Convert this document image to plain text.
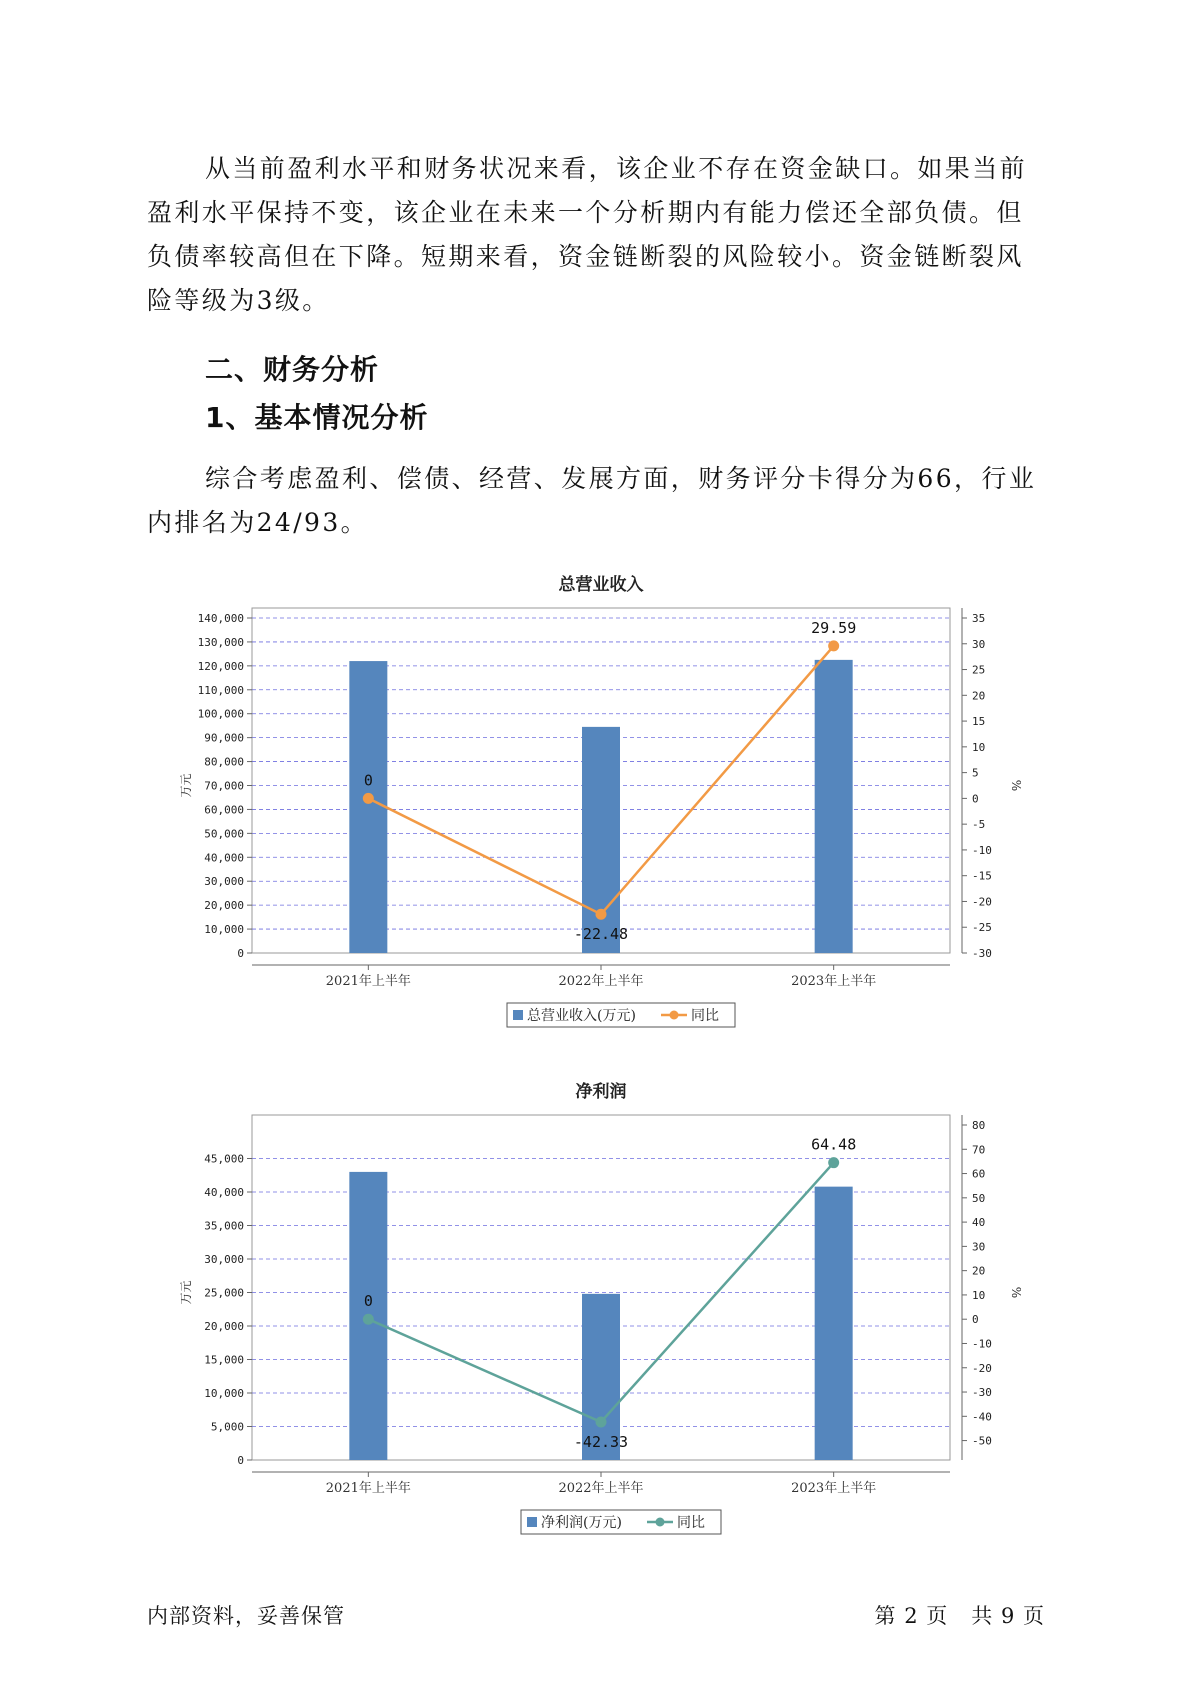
从当前盈利水平和财务状况来看，该企业不存在资金缺口。如果当前
盈利水平保持不变，该企业在未来一个分析期内有能力偿还全部负债。但
负债率较高但在下降。短期来看，资金链断裂的风险较小。资金链断裂风
险等级为3级。

二、财务分析
1、基本情况分析

综合考虑盈利、偿债、经营、发展方面，财务评分卡得分为66，行业
内排名为24/93。

总营业收入
0
10,000
20,000
30,000
40,000
50,000
60,000
70,000
80,000
90,000
100,000
110,000
120,000
130,000
140,000
-30
-25
-20
-15
-10
-5
0
5
10
15
20
25
30
35
万元	%
2021年上半年	2022年上半年	2023年上半年
0
-22.48
29.59
总营业收入(万元)	同比
净利润
0
5,000
10,000
15,000
20,000
25,000
30,000
35,000
40,000
45,000
-50
-40
-30
-20
-10
0
10
20
30
40
50
60
70
80
万元	%
2021年上半年	2022年上半年	2023年上半年
0
-42.33
64.48
净利润(万元)	同比
内部资料，妥善保管	第 2 页   共 9 页
